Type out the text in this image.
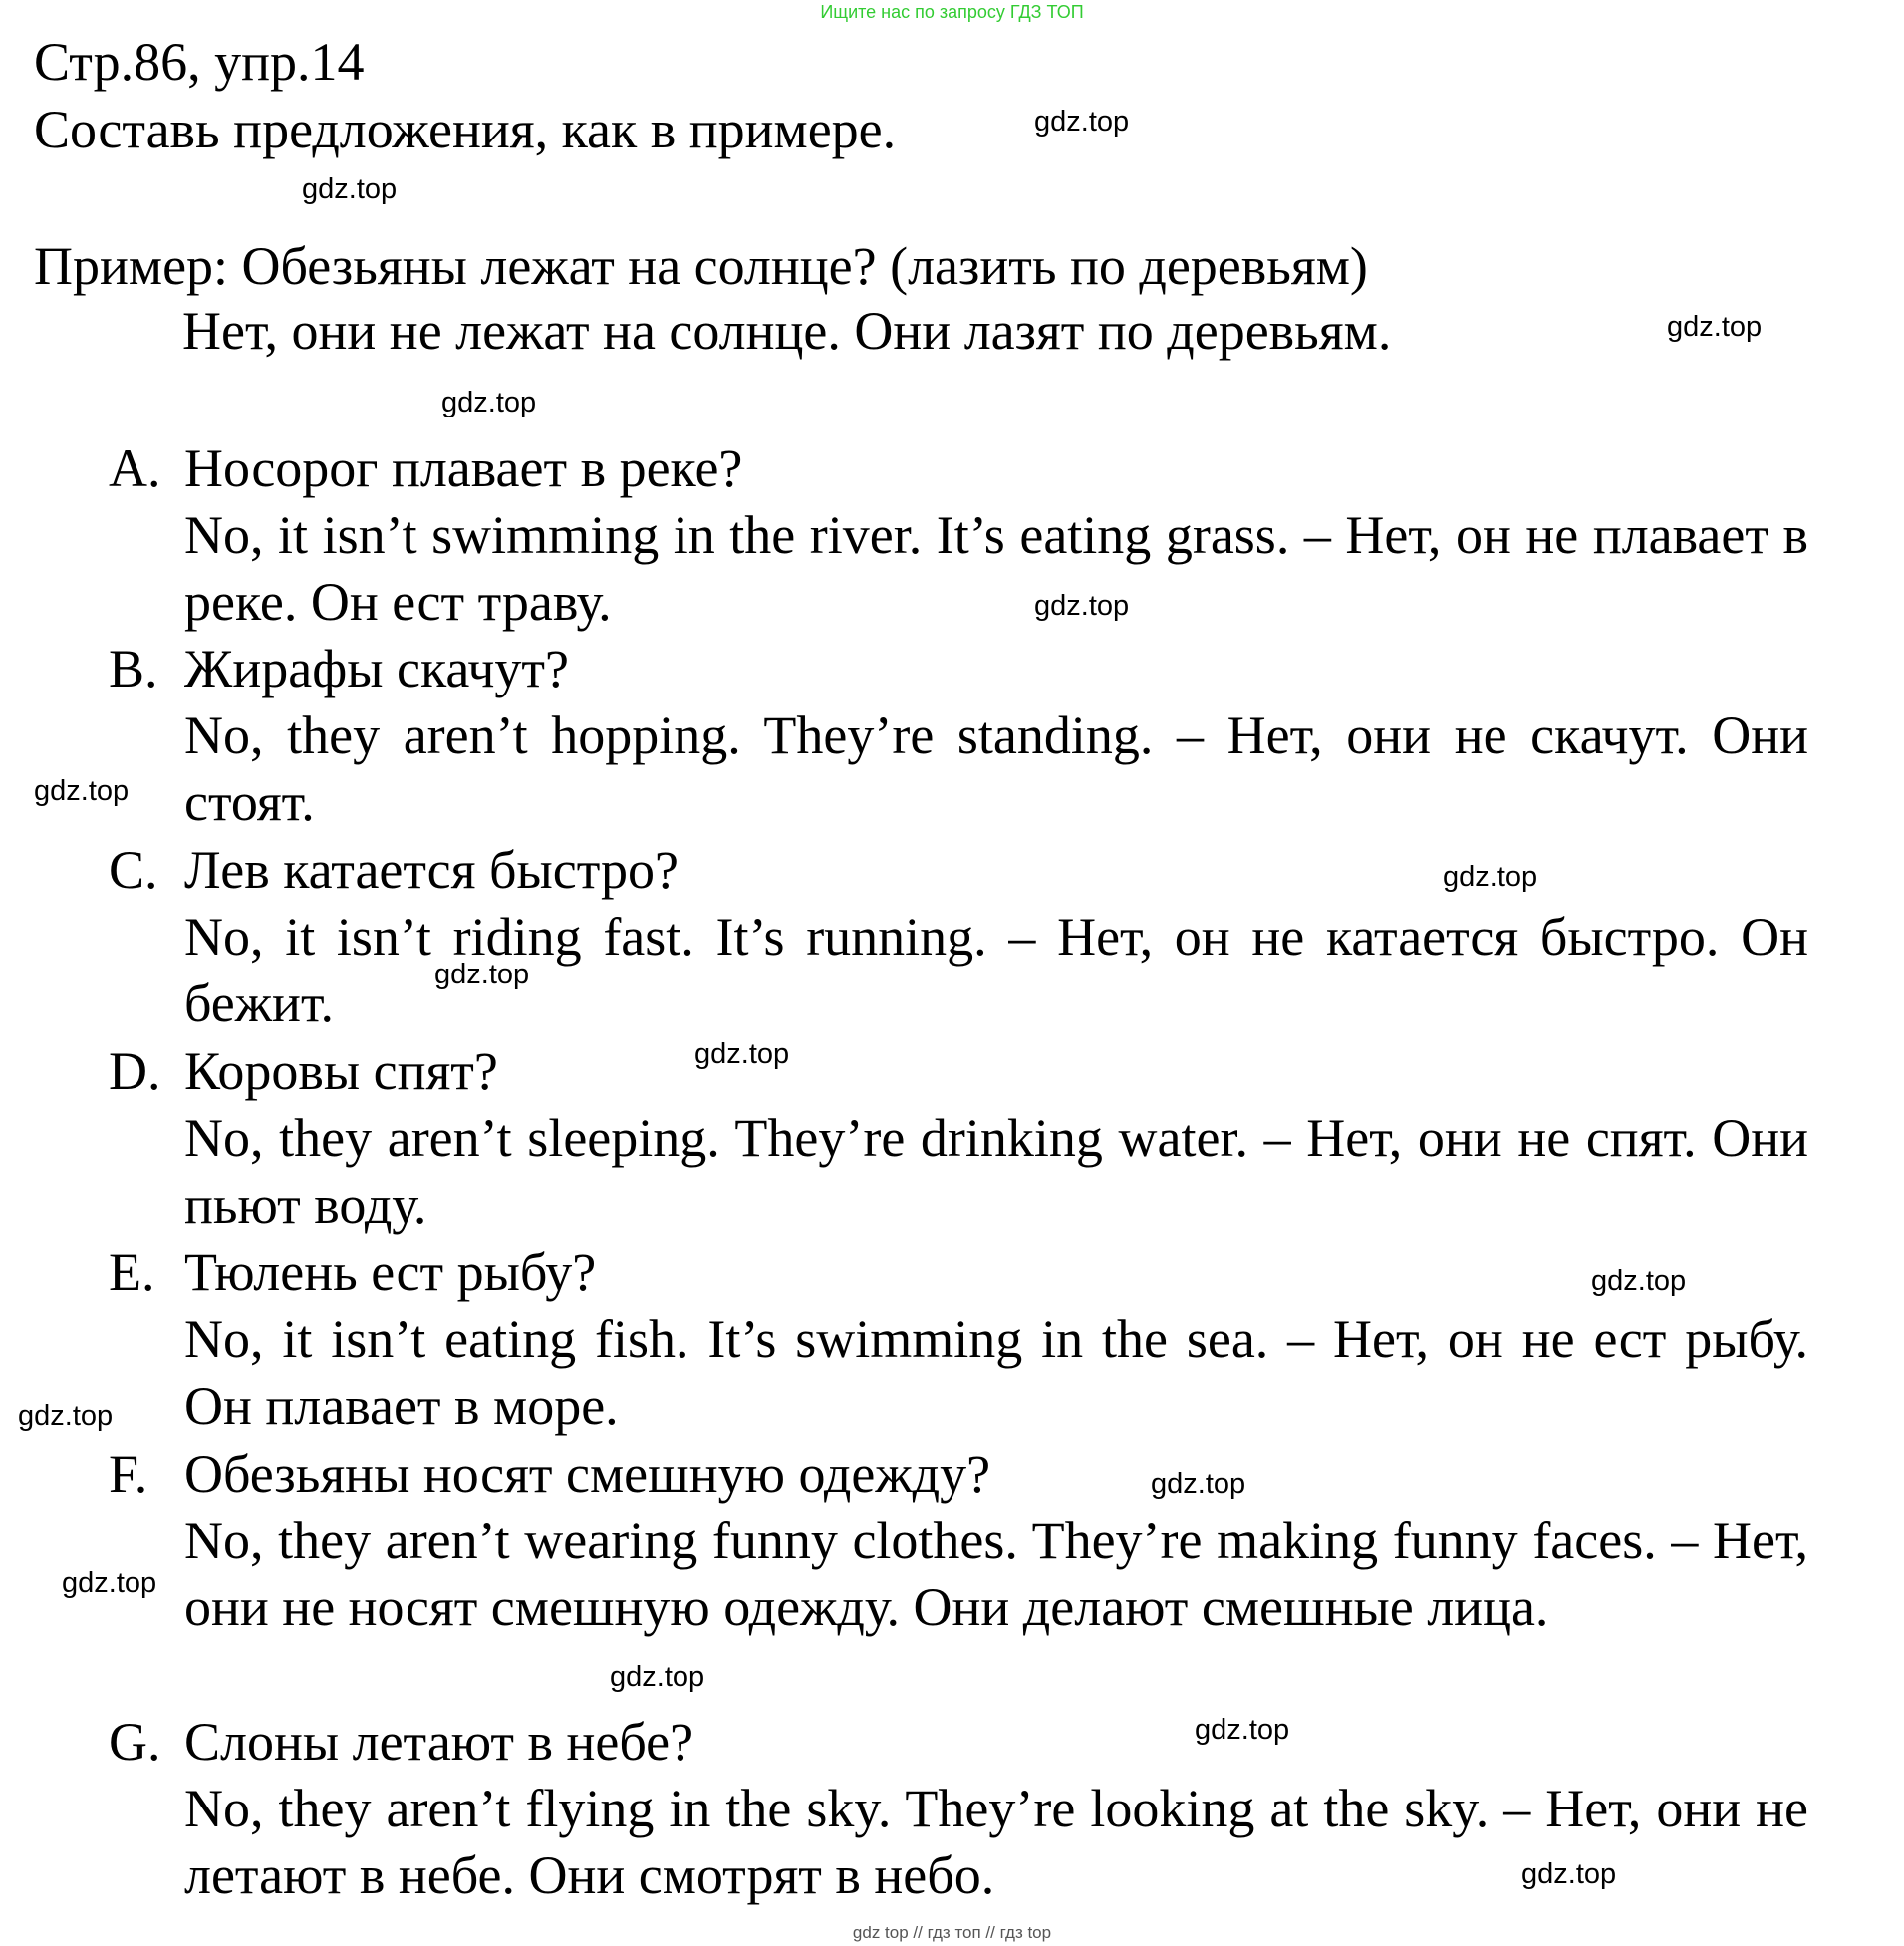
Ищите нас по запросу ГДЗ ТОП
Стр.86, упр.14
Составь предложения, как в примере.
Пример: Обезьяны лежат на солнце? (лазить по деревьям)
Нет, они не лежат на солнце. Они лазят по деревьям.
A. Носорог плавает в реке?
No, it isn’t swimming in the river. It’s eating grass. – Нет, он не плавает в реке. Он ест траву.
B. Жирафы скачут?
No, they aren’t hopping. They’re standing. – Нет, они не скачут. Они стоят.
C. Лев катается быстро?
No, it isn’t riding fast. It’s running. – Нет, он не катается быстро. Он бежит.
D. Коровы спят?
No, they aren’t sleeping. They’re drinking water. – Нет, они не спят. Они пьют воду.
E. Тюлень ест рыбу?
No, it isn’t eating fish. It’s swimming in the sea. – Нет, он не ест рыбу. Он плавает в море.
F. Обезьяны носят смешную одежду?
No, they aren’t wearing funny clothes. They’re making funny faces. – Нет, они не носят смешную одежду. Они делают смешные лица.
G. Слоны летают в небе?
No, they aren’t flying in the sky. They’re looking at the sky. – Нет, они не летают в небе. Они смотрят в небо.
gdz.top
gdz.top
gdz.top
gdz.top
gdz.top
gdz.top
gdz.top
gdz.top
gdz.top
gdz.top
gdz.top
gdz.top
gdz.top
gdz.top
gdz.top
gdz.top
gdz top // гдз топ // гдз top
